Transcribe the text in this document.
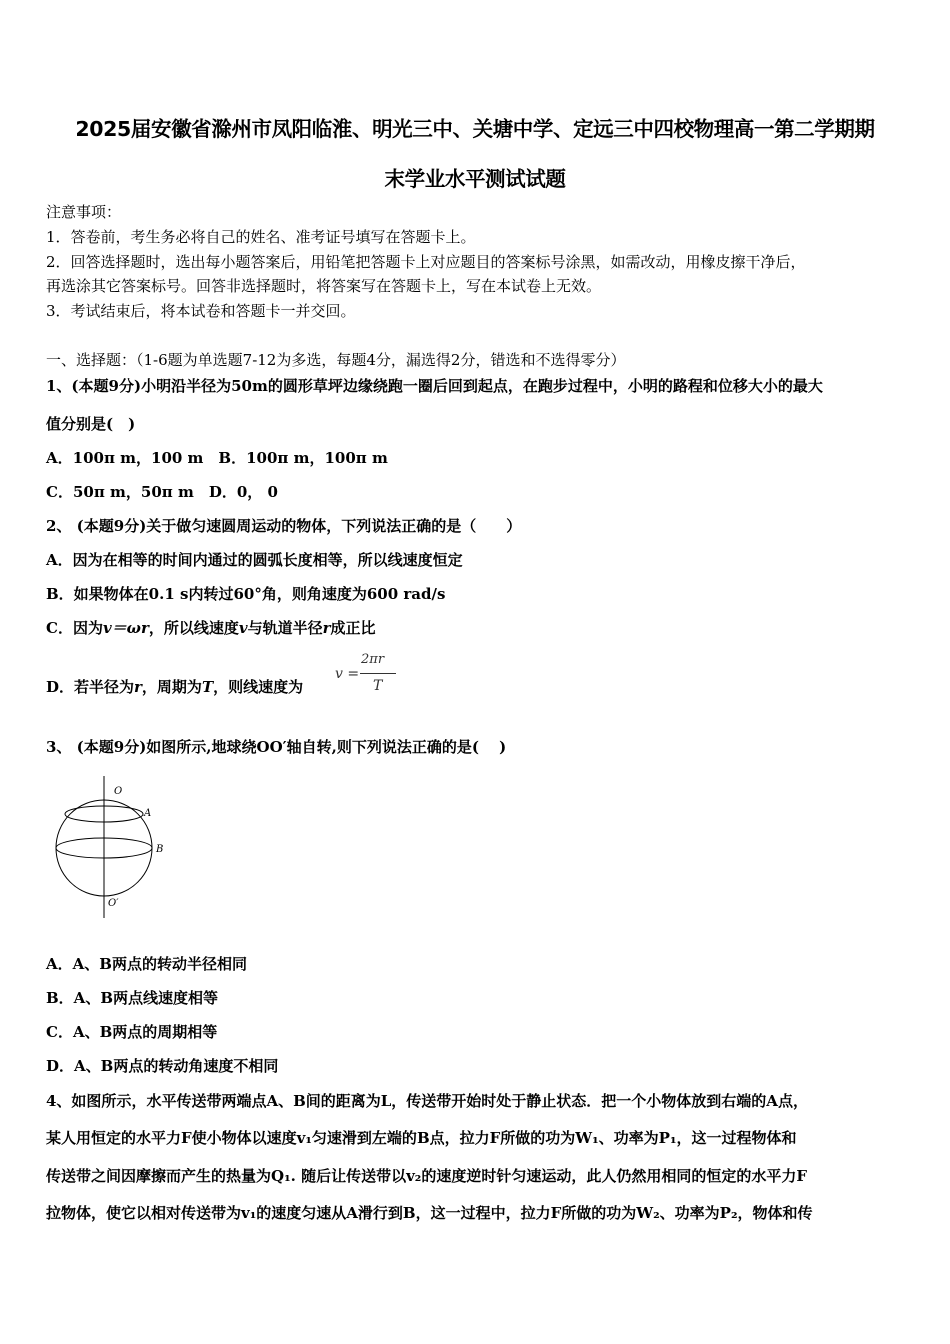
2025届安徽省滁州市凤阳临淮、明光三中、关塘中学、定远三中四校物理高一第二学期期
末学业水平测试试题
注意事项：
1．答卷前，考生务必将自己的姓名、准考证号填写在答题卡上。
2．回答选择题时，选出每小题答案后，用铅笔把答题卡上对应题目的答案标号涂黑，如需改动，用橡皮擦干净后，
再选涂其它答案标号。回答非选择题时，将答案写在答题卡上，写在本试卷上无效。
3．考试结束后，将本试卷和答题卡一并交回。
一、选择题：（1-6题为单选题7-12为多选，每题4分，漏选得2分，错选和不选得零分）
1、(本题9分)小明沿半径为50m的圆形草坪边缘绕跑一圈后回到起点，在跑步过程中，小明的路程和位移大小的最大
值分别是(　)
A．100π m，100 m　B．100π m，100π m
C．50π m，50π m　D．0， 0
2、 (本题9分)关于做匀速圆周运动的物体，下列说法正确的是（　　）
A．因为在相等的时间内通过的圆弧长度相等，所以线速度恒定
B．如果物体在0.1 s内转过60°角，则角速度为600 rad/s
C．因为v＝ωr，所以线速度v与轨道半径r成正比
D．若半径为r，周期为T，则线速度为
v =
2πr
T
3、 (本题9分)如图所示,地球绕OO′轴自转,则下列说法正确的是(　 )
O
A
B
O′
A．A、B两点的转动半径相同
B．A、B两点线速度相等
C．A、B两点的周期相等
D．A、B两点的转动角速度不相同
4、如图所示，水平传送带两端点A、B间的距离为L，传送带开始时处于静止状态．把一个小物体放到右端的A点，
某人用恒定的水平力F使小物体以速度v₁匀速滑到左端的B点，拉力F所做的功为W₁、功率为P₁，这一过程物体和
传送带之间因摩擦而产生的热量为Q₁. 随后让传送带以v₂的速度逆时针匀速运动，此人仍然用相同的恒定的水平力F
拉物体，使它以相对传送带为v₁的速度匀速从A滑行到B，这一过程中，拉力F所做的功为W₂、功率为P₂，物体和传
